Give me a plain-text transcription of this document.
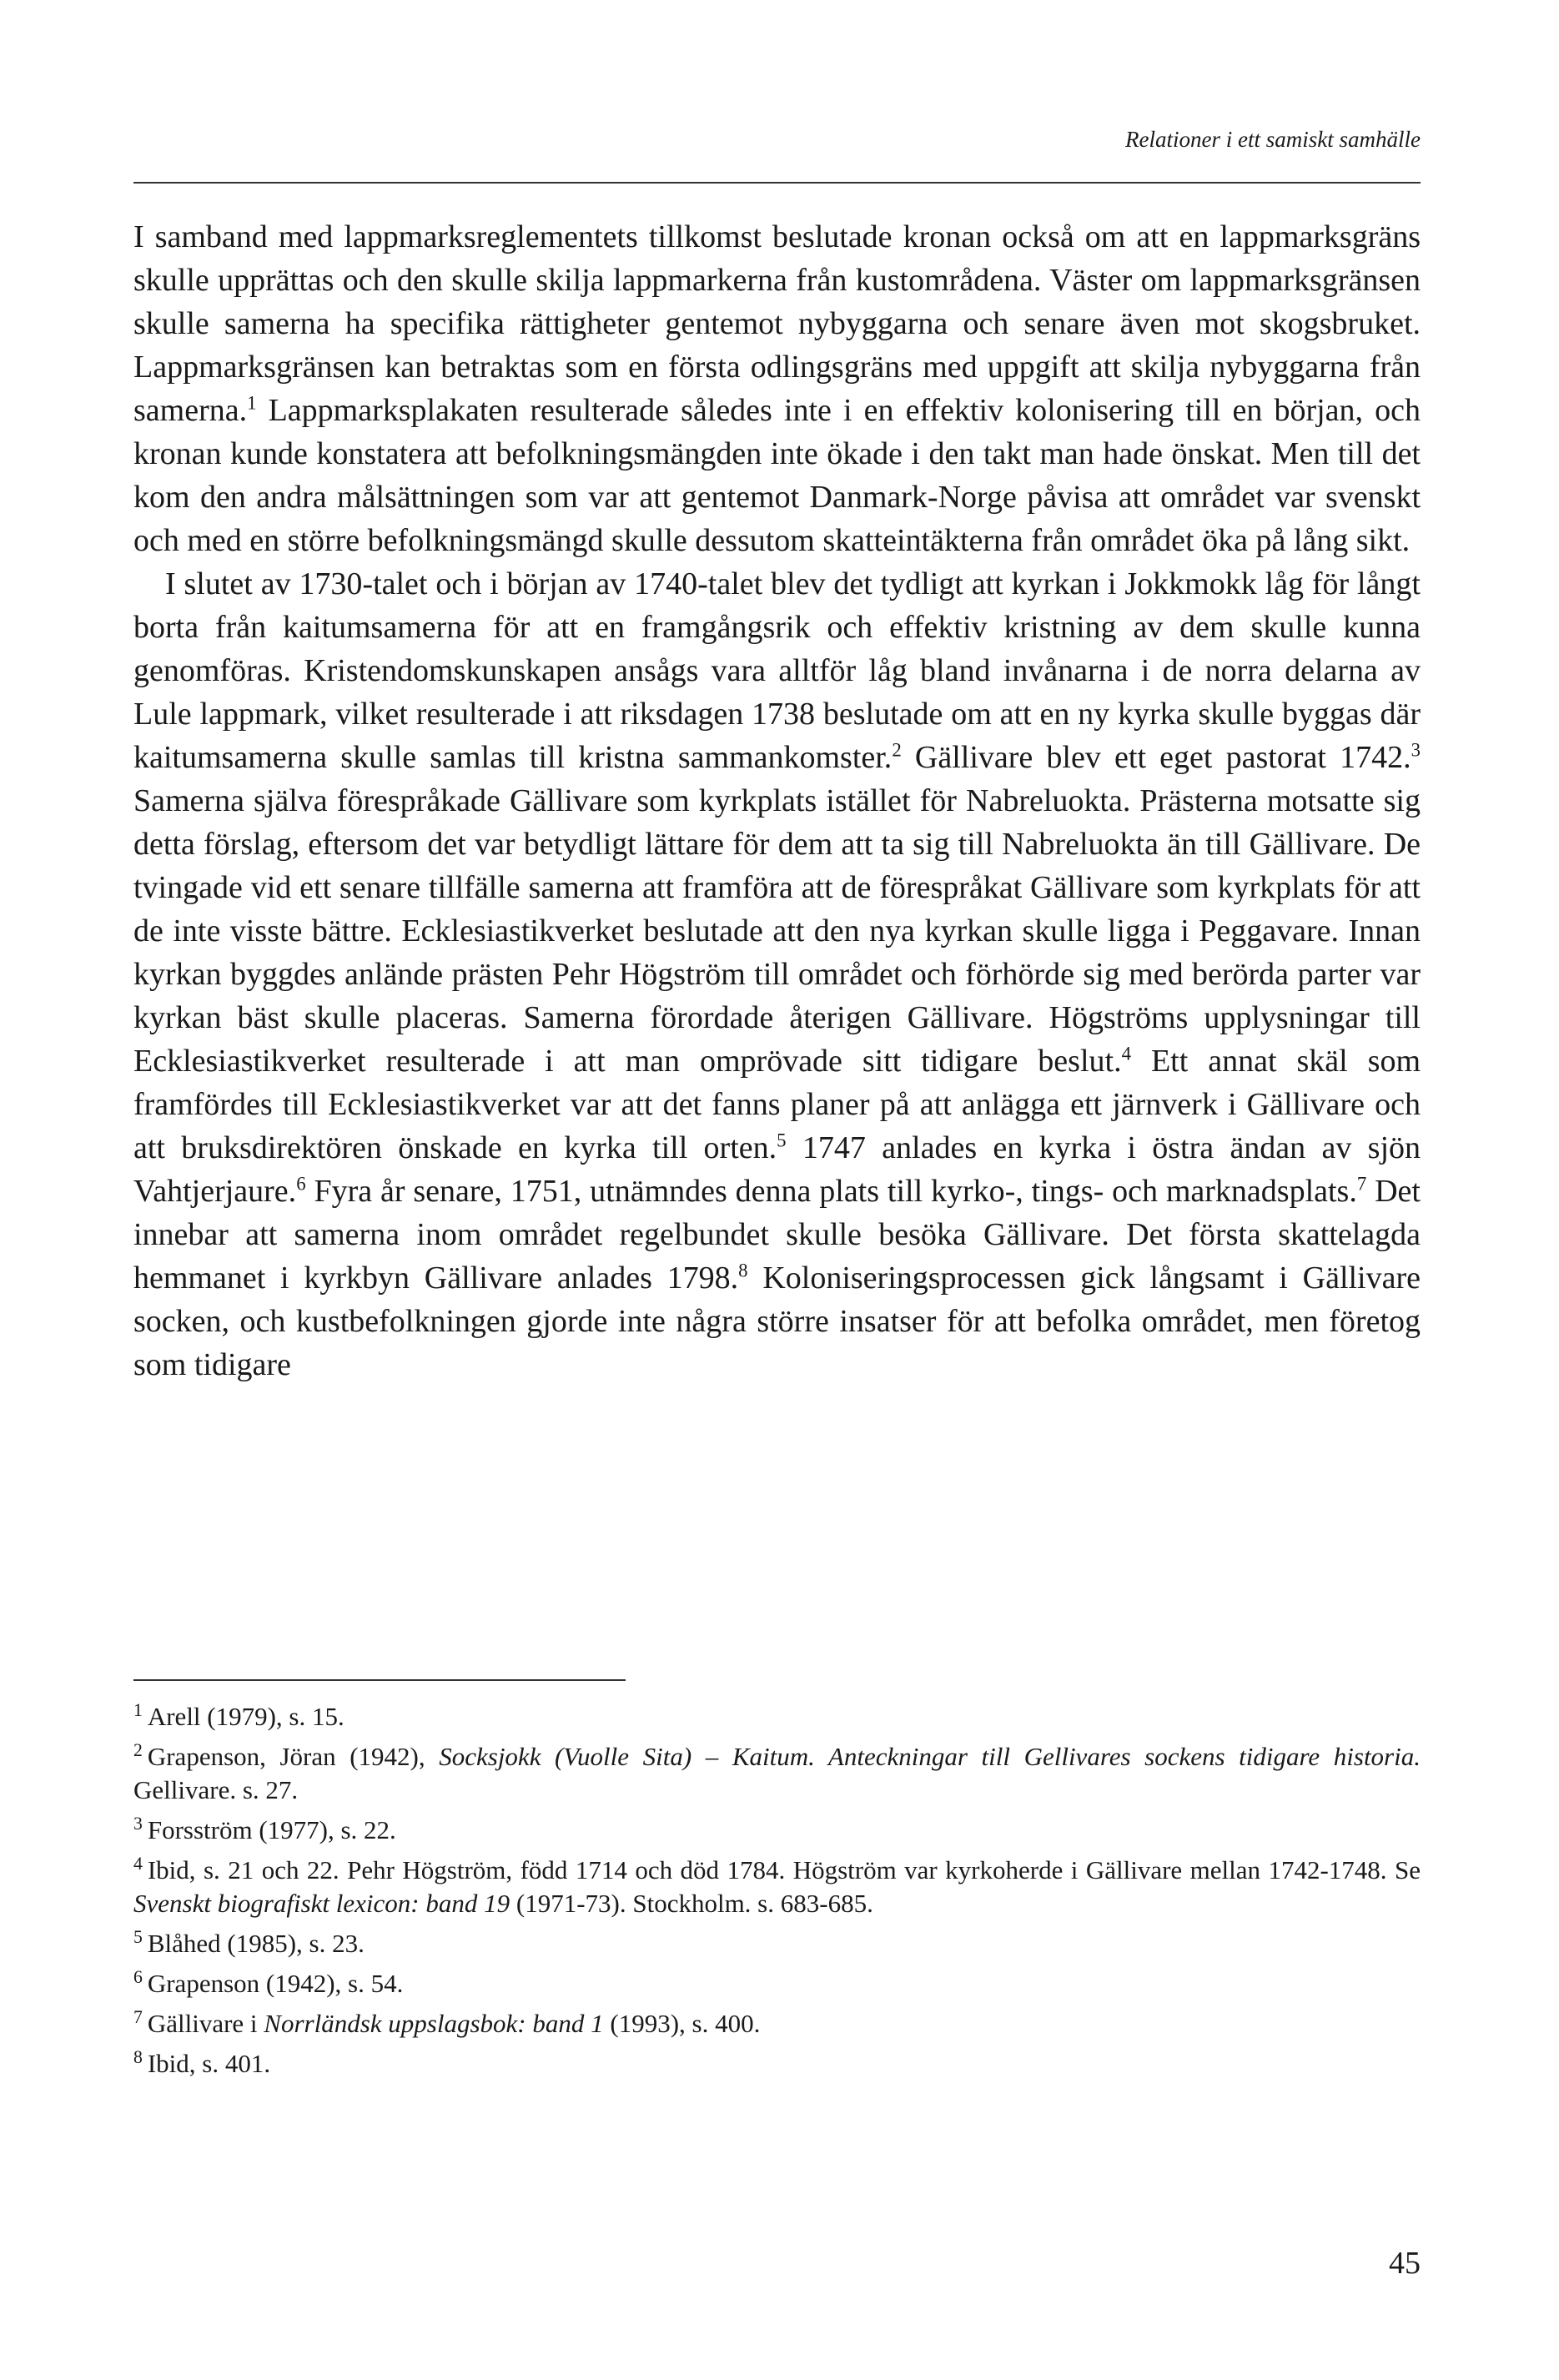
Relationer i ett samiskt samhälle

I samband med lappmarksreglementets tillkomst beslutade kronan också om att en lappmarksgräns skulle upprättas och den skulle skilja lappmarkerna från kustområdena. Väster om lappmarksgränsen skulle samerna ha specifika rättigheter gentemot nybyggarna och senare även mot skogsbruket. Lappmarksgränsen kan betraktas som en första odlingsgräns med uppgift att skilja nybyggarna från samerna.$^1$ Lappmarksplakaten resulterade således inte i en effektiv kolonisering till en början, och kronan kunde konstatera att befolkningsmängden inte ökade i den takt man hade önskat. Men till det kom den andra målsättningen som var att gentemot Danmark-Norge påvisa att området var svenskt och med en större befolkningsmängd skulle dessutom skatteintäkterna från området öka på lång sikt.

I slutet av 1730-talet och i början av 1740-talet blev det tydligt att kyrkan i Jokkmokk låg för långt borta från kaitumsamerna för att en framgångsrik och effektiv kristning av dem skulle kunna genomföras. Kristendomskunskapen ansågs vara alltför låg bland invånarna i de norra delarna av Lule lappmark, vilket resulterade i att riksdagen 1738 beslutade om att en ny kyrka skulle byggas där kaitumsamerna skulle samlas till kristna sammankomster.$^2$ Gällivare blev ett eget pastorat 1742.$^3$ Samerna själva förespråkade Gällivare som kyrkplats istället för Nabreluokta. Prästerna motsatte sig detta förslag, eftersom det var betydligt lättare för dem att ta sig till Nabreluokta än till Gällivare. De tvingade vid ett senare tillfälle samerna att framföra att de förespråkat Gällivare som kyrkplats för att de inte visste bättre. Ecklesiastikverket beslutade att den nya kyrkan skulle ligga i Peggavare. Innan kyrkan byggdes anlände prästen Pehr Högström till området och förhörde sig med berörda parter var kyrkan bäst skulle placeras. Samerna förordade återigen Gällivare. Högströms upplysningar till Ecklesiastikverket resulterade i att man omprövade sitt tidigare beslut.$^4$ Ett annat skäl som framfördes till Ecklesiastikverket var att det fanns planer på att anlägga ett järnverk i Gällivare och att bruksdirektören önskade en kyrka till orten.$^5$ 1747 anlades en kyrka i östra ändan av sjön Vahtjerjaure.$^6$ Fyra år senare, 1751, utnämndes denna plats till kyrko-, tings- och marknadsplats.$^7$ Det innebar att samerna inom området regelbundet skulle besöka Gällivare. Det första skattelagda hemmanet i kyrkbyn Gällivare anlades 1798.$^8$ Koloniseringsprocessen gick långsamt i Gällivare socken, och kustbefolkningen gjorde inte några större insatser för att befolka området, men företog som tidigare

$^1$ Arell (1979), s. 15.
$^2$ Grapenson, Jöran (1942), Socksjokk (Vuolle Sita) – Kaitum. Anteckningar till Gellivares sockens tidigare historia. Gellivare. s. 27.
$^3$ Forsström (1977), s. 22.
$^4$ Ibid, s. 21 och 22. Pehr Högström, född 1714 och död 1784. Högström var kyrkoherde i Gällivare mellan 1742-1748. Se Svenskt biografiskt lexicon: band 19 (1971-73). Stockholm. s. 683-685.
$^5$ Blåhed (1985), s. 23.
$^6$ Grapenson (1942), s. 54.
$^7$ Gällivare i Norrländsk uppslagsbok: band 1 (1993), s. 400.
$^8$ Ibid, s. 401.
45
